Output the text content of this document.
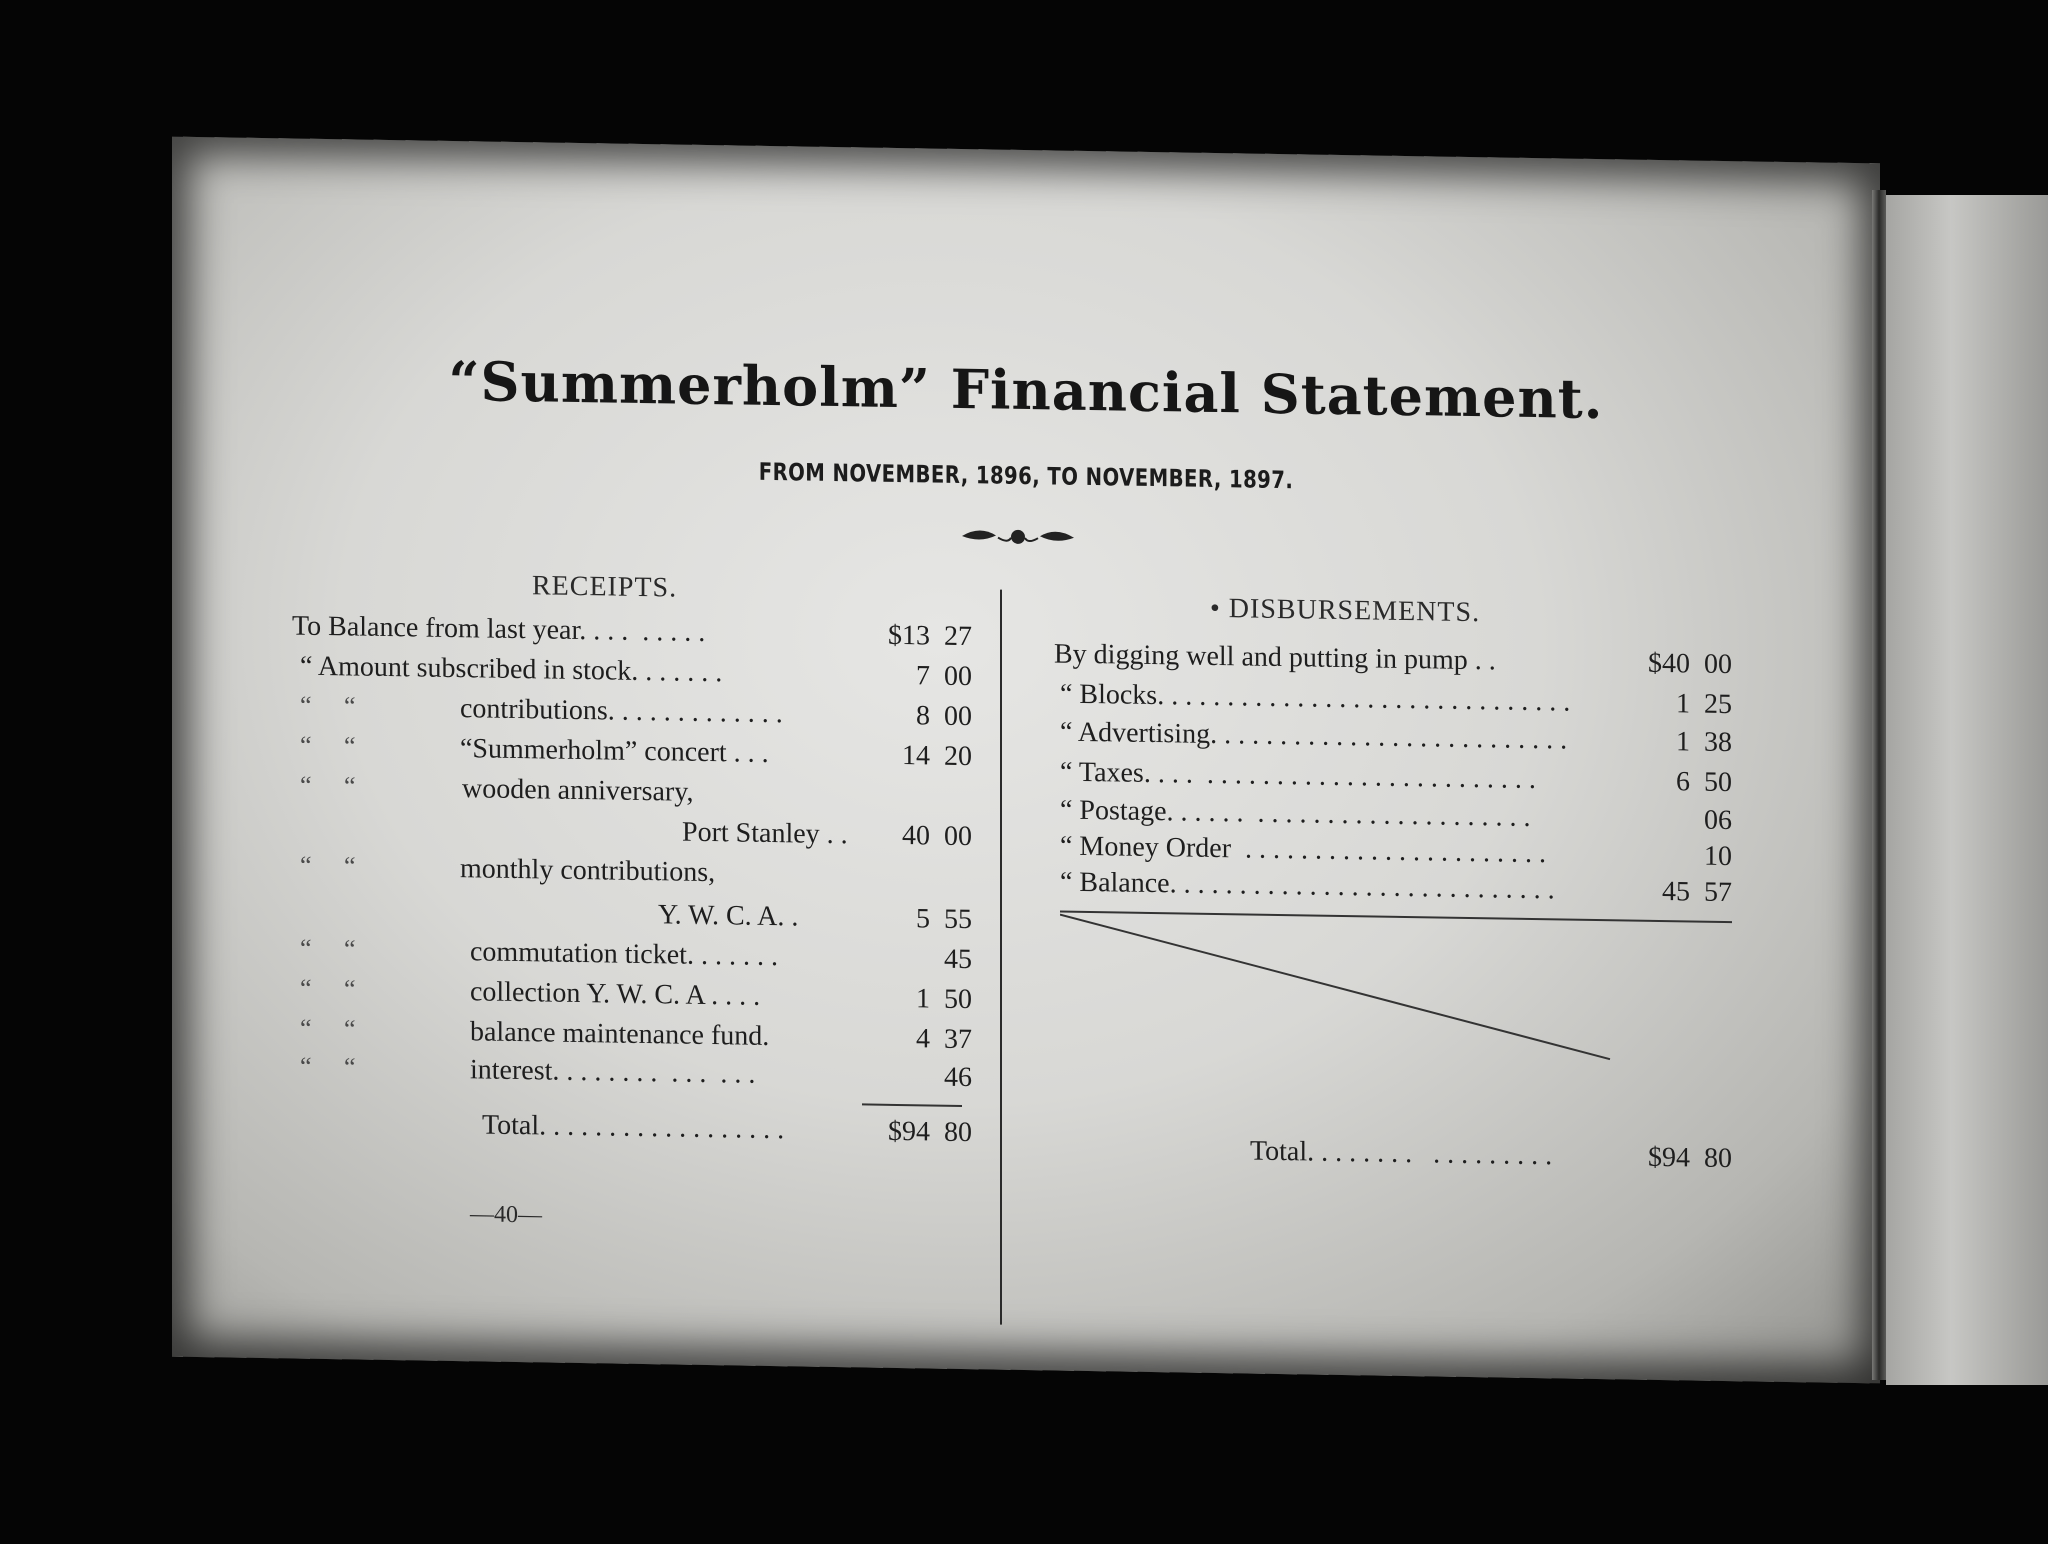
“Summerholm” Financial Statement.
FROM NOVEMBER, 1896, TO NOVEMBER, 1897.
RECEIPTS.
To Balance from last year. . . .  . . . . .	$13  27
“ Amount subscribed in stock. . . . . . .	7  00
“     “	contributions. . . . . . . . . . . . .	8  00
“     “	“Summerholm” concert . . .	14  20
“     “	wooden anniversary,
Port Stanley . .	40  00
“     “	monthly contributions,
Y. W. C. A. .	5  55
“     “	commutation ticket. . . . . . .	45
“     “	collection Y. W. C. A . . . .	1  50
“     “	balance maintenance fund.	4  37
“     “	interest. . . . . . . .  . . .  . . .	46
Total. . . . . . . . . . . . . . . . . .	$94  80
• DISBURSEMENTS.
By digging well and putting in pump . .	$40  00
“ Blocks. . . . . . . . . . . . . . . . . . . . . . . . . . . . . .	1  25
“ Advertising. . . . . . . . . . . . . . . . . . . . . . . . . .	1  38
“ Taxes. . . .  . . . . . . . . . . . . . . . . . . . . . . . .	6  50
“ Postage. . . . . .  . . . . . . . . . . . . . . . . . . . .	06
“ Money Order  . . . . . . . . . . . . . . . . . . . . . .	10
“ Balance. . . . . . . . . . . . . . . . . . . . . . . . . . . .	45  57
Total. . . . . . . .   . . . . . . . . .	$94  80
—40—
